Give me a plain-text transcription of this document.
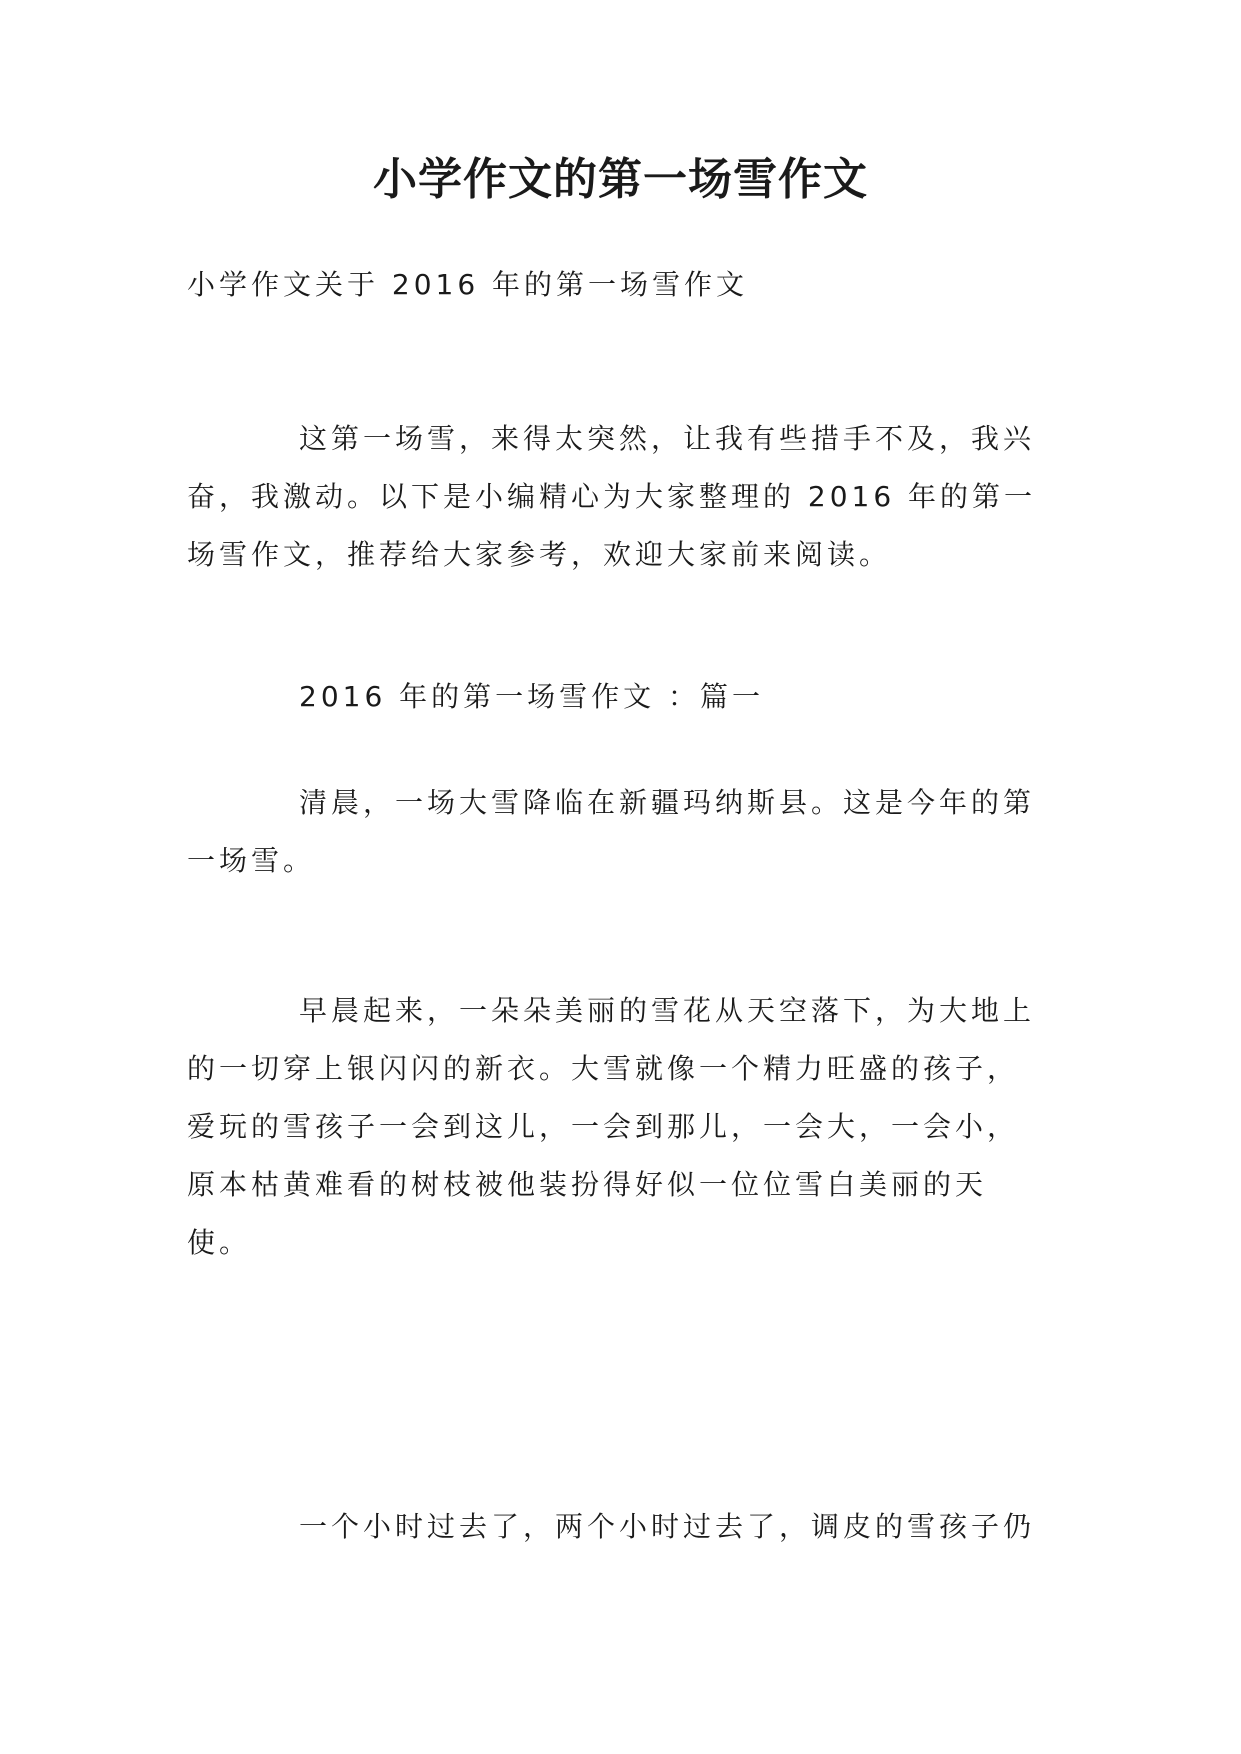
小学作文的第一场雪作文

小学作文关于 2016 年的第一场雪作文

这第一场雪，来得太突然，让我有些措手不及，我兴
奋，我激动。以下是小编精心为大家整理的 2016 年的第一
场雪作文，推荐给大家参考，欢迎大家前来阅读。

2016 年的第一场雪作文 ：篇一

清晨，一场大雪降临在新疆玛纳斯县。这是今年的第
一场雪。

早晨起来，一朵朵美丽的雪花从天空落下，为大地上
的一切穿上银闪闪的新衣。大雪就像一个精力旺盛的孩子，
爱玩的雪孩子一会到这儿，一会到那儿，一会大，一会小，
原本枯黄难看的树枝被他装扮得好似一位位雪白美丽的天
使。

一个小时过去了，两个小时过去了，调皮的雪孩子仍
